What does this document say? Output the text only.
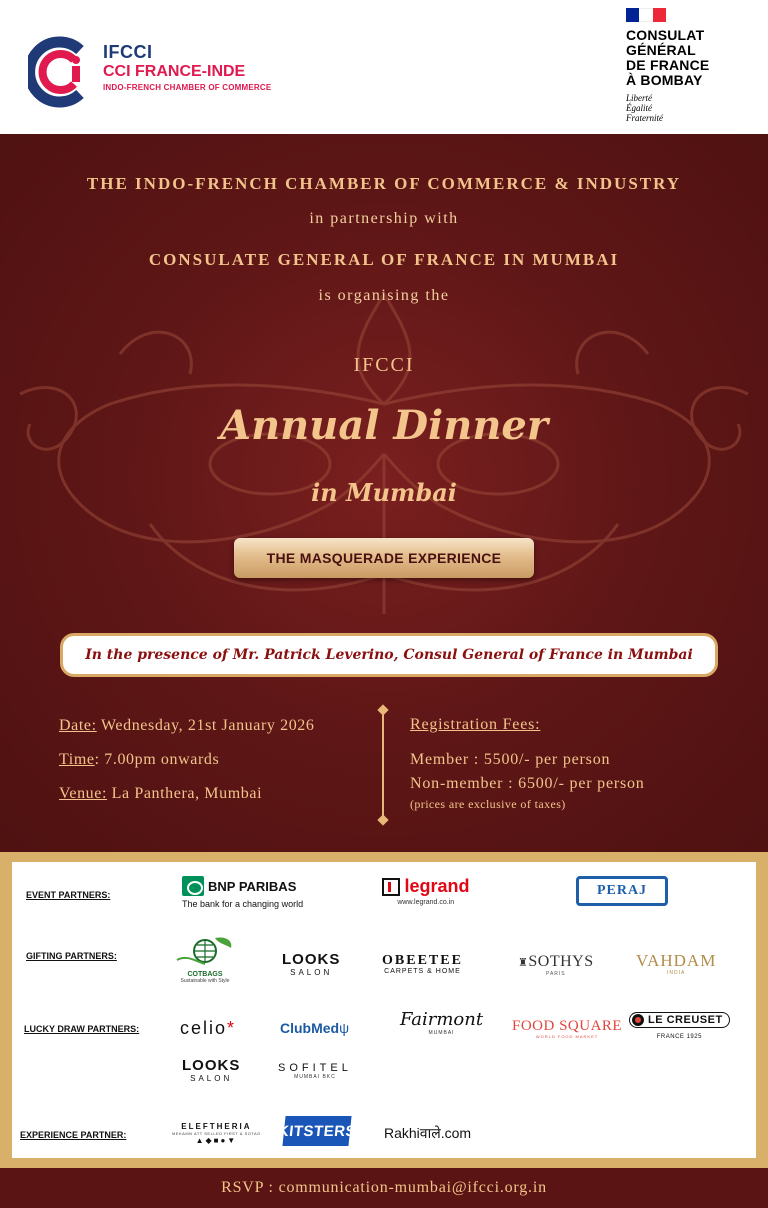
IFCCI
CCI FRANCE-INDE
INDO-FRENCH CHAMBER OF COMMERCE
CONSULAT
GÉNÉRAL
DE FRANCE
À BOMBAY
Liberté
Égalité
Fraternité
THE INDO-FRENCH CHAMBER OF COMMERCE & INDUSTRY
in partnership with
CONSULATE GENERAL OF FRANCE IN MUMBAI
is organising the
IFCCI
Annual Dinner
in Mumbai
THE MASQUERADE EXPERIENCE
In the presence of Mr. Patrick Leverino, Consul General of France in Mumbai
Date: Wednesday, 21st January 2026
Time: 7.00pm onwards
Venue: La Panthera, Mumbai
Registration Fees:
Member : 5500/- per person
Non-member : 6500/- per person
(prices are exclusive of taxes)
EVENT PARTNERS:
GIFTING PARTNERS:
LUCKY DRAW PARTNERS:
EXPERIENCE PARTNER:
BNP PARIBAS
The bank for a changing world
legrand
www.legrand.co.in
PERAJ
COTBAGS
Sustainable with Style
LOOKS
SALON
OBEETEE
CARPETS & HOME
♜SOTHYS
PARIS
VAHDAM
INDIA
celio*	ClubMedψ	Fairmont
MUMBAI	FOOD SQUARE
WORLD FOOD MARKET
LE CREUSET
FRANCE 1925
LOOKS
SALON
SOFITEL
MUMBAI BKC
ELEFTHERIA
MEKAMN ATT SELLED FIRST & SOTAG
▲◆■●▼
KITSTERS Rakhiवाले.com
RSVP : communication-mumbai@ifcci.org.in
